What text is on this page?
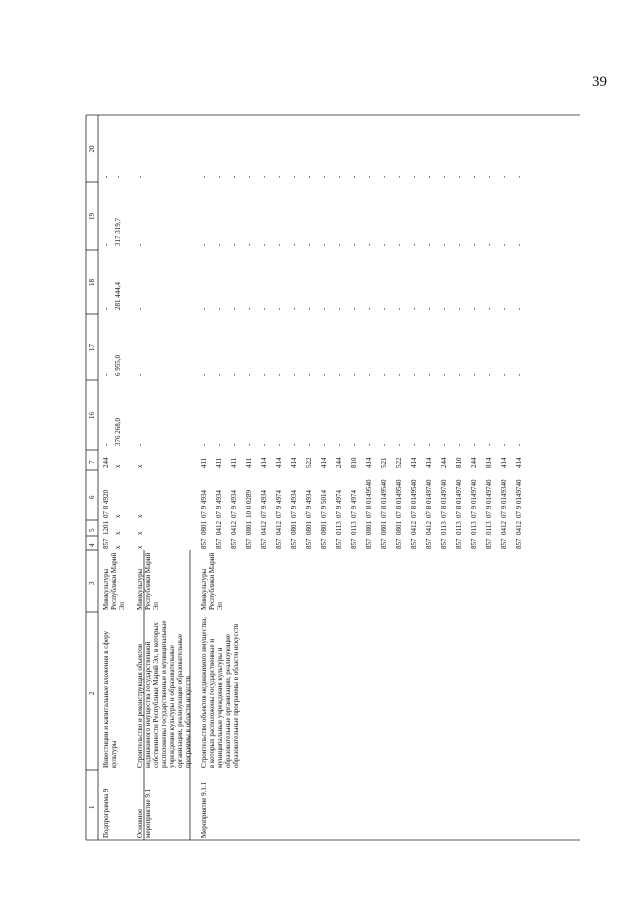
39
1
2
3
4
5
6
7
16
17
18
19
20
Подпрограмма 9
Инвестиции и капитальные вложения в сферу культуры
Минкультуры Республики Марий Эл
857
1201
07 8 4920
244
-
-
-
-
-
x
x
x
x
376 268,0
6 955,0
281 444,4
317 319,7
-
Основное мероприятие 9.1
Строительство и реконструкция объектов недвижимого имущества государственной собственности Республики Марий Эл, в которых расположены государственные и муниципальные учреждения культуры и образовательные организации, реализующие образовательные программы в области искусств
Минкультуры Республики Марий Эл
x
x
x
x
-
-
-
-
-
Мероприятие 9.1.1
Строительство объектов недвижимого имущества, в которых расположены государственные и муниципальные учреждения культуры и образовательные организации, реализующие образовательные программы в области искусств
Минкультуры Республики Марий Эл
857
0801
07 9 4934
411
-
-
-
-
-
857
0412
07 9 4934
411
-
-
-
-
-
857
0412
07 9 4934
411
-
-
-
-
-
857
0801
10 0 0289
411
-
-
-
-
-
857
0412
07 9 4934
414
-
-
-
-
-
857
0412
07 9 4974
414
-
-
-
-
-
857
0801
07 9 4934
414
-
-
-
-
-
857
0801
07 9 4934
522
-
-
-
-
-
857
0801
07 9 5014
414
-
-
-
-
-
857
0113
07 9 4974
244
-
-
-
-
-
857
0113
07 9 4974
810
-
-
-
-
-
857
0801
07 8 0149540
414
-
-
-
-
-
857
0801
07 8 0149540
521
-
-
-
-
-
857
0801
07 8 0149540
522
-
-
-
-
-
857
0412
07 8 0149540
414
-
-
-
-
-
857
0412
07 8 0149740
414
-
-
-
-
-
857
0113
07 8 0149740
244
-
-
-
-
-
857
0113
07 8 0149740
810
-
-
-
-
-
857
0113
07 9 0149740
244
-
-
-
-
-
857
0113
07 9 0149740
814
-
-
-
-
-
857
0412
07 9 0149340
414
-
-
-
-
-
857
0412
07 9 0149740
414
-
-
-
-
-
